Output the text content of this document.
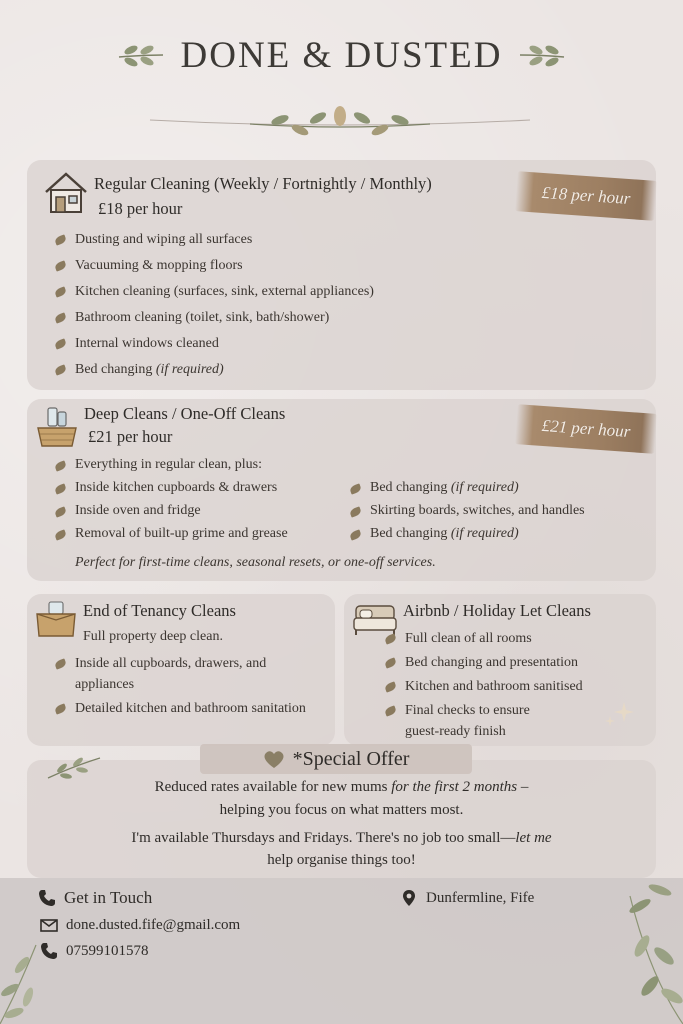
DONE & DUSTED
Regular Cleaning (Weekly / Fortnightly / Monthly)
£18 per hour
£18 per hour
Dusting and wiping all surfaces
Vacuuming & mopping floors
Kitchen cleaning (surfaces, sink, external appliances)
Bathroom cleaning (toilet, sink, bath/shower)
Internal windows cleaned
Bed changing (if required)
Deep Cleans / One-Off Cleans
£21 per hour	£21 per hour
Everything in regular clean, plus:
Inside kitchen cupboards & drawers
Inside oven and fridge
Removal of built-up grime and grease
Bed changing (if required)
Skirting boards, switches, and handles
Bed changing (if required)
Perfect for first-time cleans, seasonal resets, or one-off services.
End of Tenancy Cleans
Full property deep clean.
Inside all cupboards, drawers, and appliances
Detailed kitchen and bathroom sanitation
Airbnb / Holiday Let Cleans
Full clean of all rooms
Bed changing and presentation
Kitchen and bathroom sanitised
Final checks to ensure guest-ready finish
*Special Offer
Reduced rates available for new mums for the first 2 months –
helping you focus on what matters most.
I'm available Thursdays and Fridays. There's no job too small—let me
help organise things too!
Get in Touch
done.dusted.fife@gmail.com
07599101578
Dunfermline, Fife
